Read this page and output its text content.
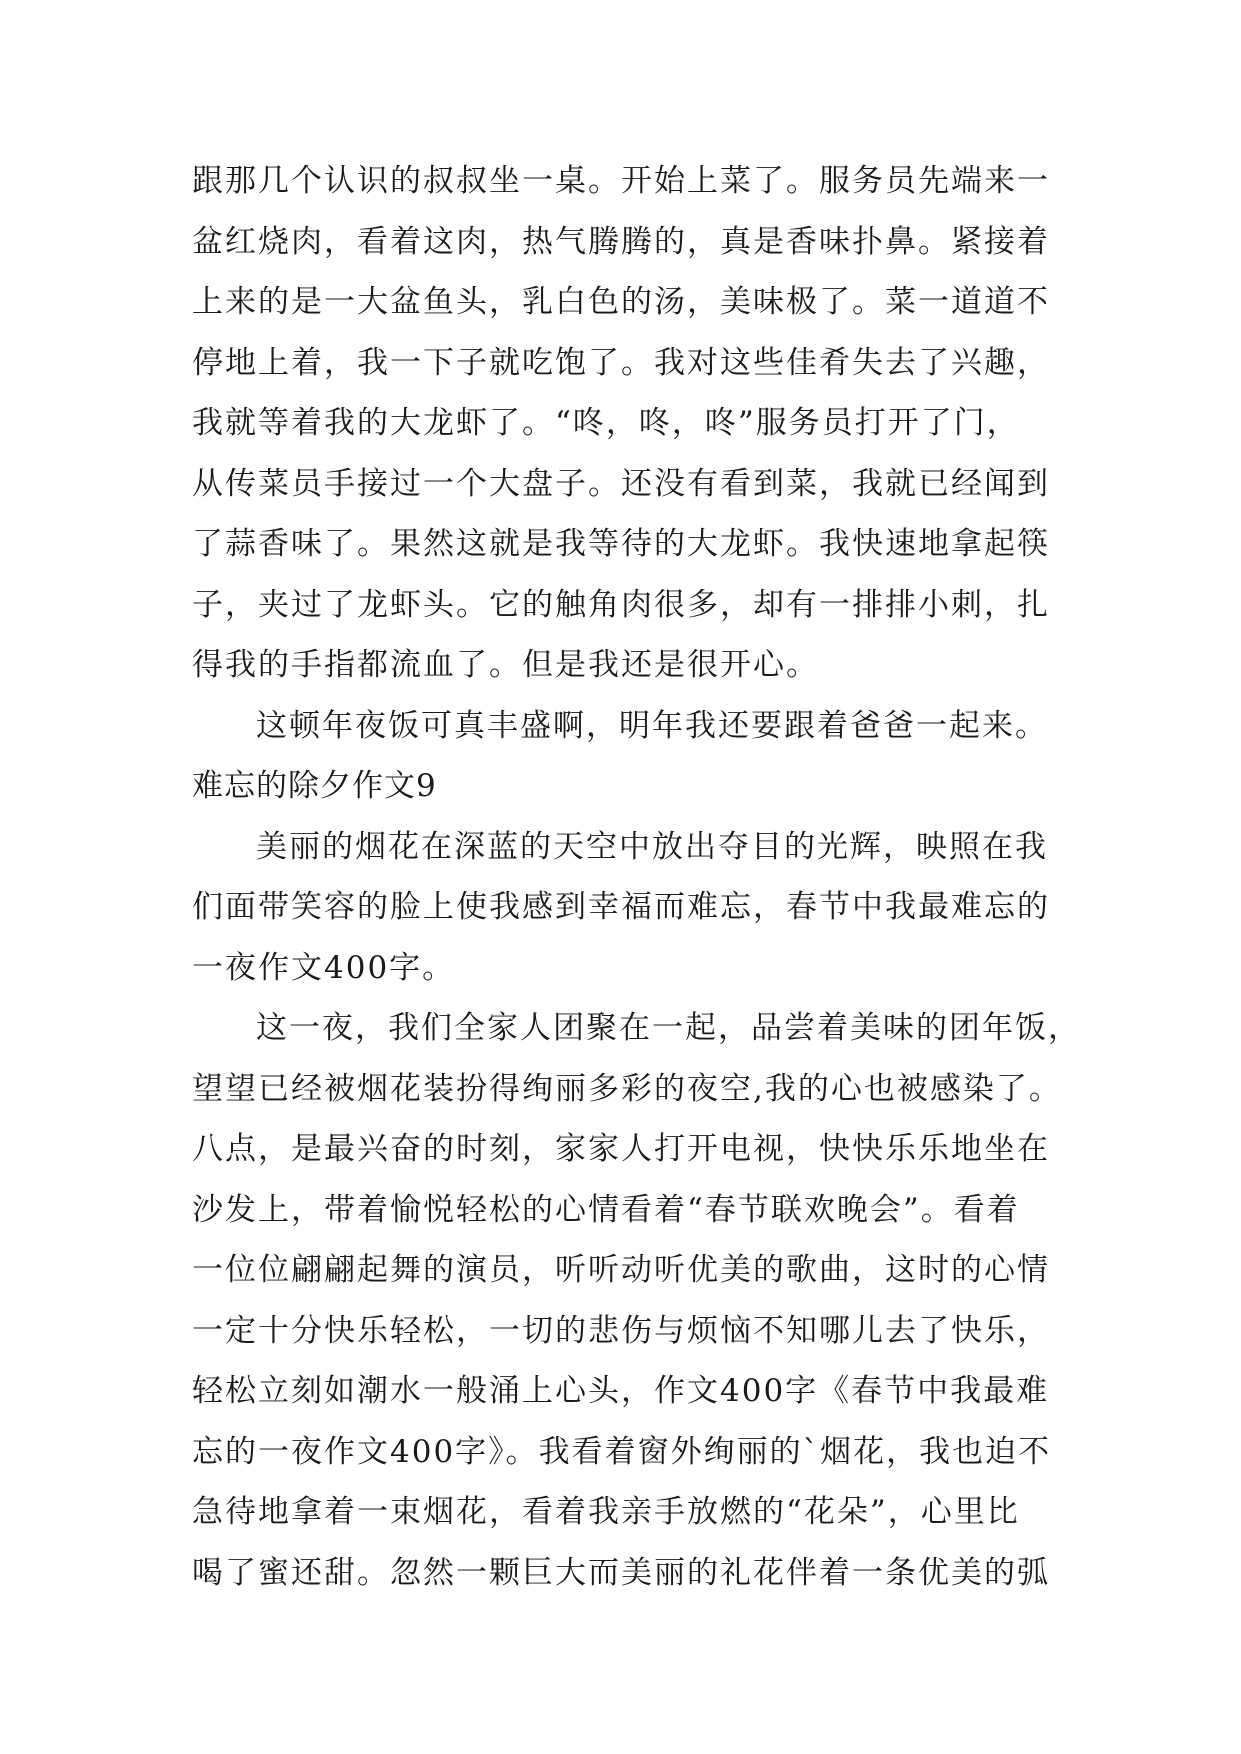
跟那几个认识的叔叔坐一桌。开始上菜了。服务员先端来一
盆红烧肉，看着这肉，热气腾腾的，真是香味扑鼻。紧接着
上来的是一大盆鱼头，乳白色的汤，美味极了。菜一道道不
停地上着，我一下子就吃饱了。我对这些佳肴失去了兴趣，
我就等着我的大龙虾了。“咚，咚，咚”服务员打开了门，
从传菜员手接过一个大盘子。还没有看到菜，我就已经闻到
了蒜香味了。果然这就是我等待的大龙虾。我快速地拿起筷
子，夹过了龙虾头。它的触角肉很多，却有一排排小刺，扎
得我的手指都流血了。但是我还是很开心。
这顿年夜饭可真丰盛啊，明年我还要跟着爸爸一起来。
难忘的除夕作文9
美丽的烟花在深蓝的天空中放出夺目的光辉，映照在我
们面带笑容的脸上使我感到幸福而难忘，春节中我最难忘的
一夜作文400字。
这一夜，我们全家人团聚在一起，品尝着美味的团年饭，
望望已经被烟花装扮得绚丽多彩的夜空,我的心也被感染了。
八点，是最兴奋的时刻，家家人打开电视，快快乐乐地坐在
沙发上，带着愉悦轻松的心情看着“春节联欢晚会”。看着
一位位翩翩起舞的演员，听听动听优美的歌曲，这时的心情
一定十分快乐轻松，一切的悲伤与烦恼不知哪儿去了快乐，
轻松立刻如潮水一般涌上心头，作文400字《春节中我最难
忘的一夜作文400字》。我看着窗外绚丽的`烟花，我也迫不
急待地拿着一束烟花，看着我亲手放燃的“花朵”，心里比
喝了蜜还甜。忽然一颗巨大而美丽的礼花伴着一条优美的弧
